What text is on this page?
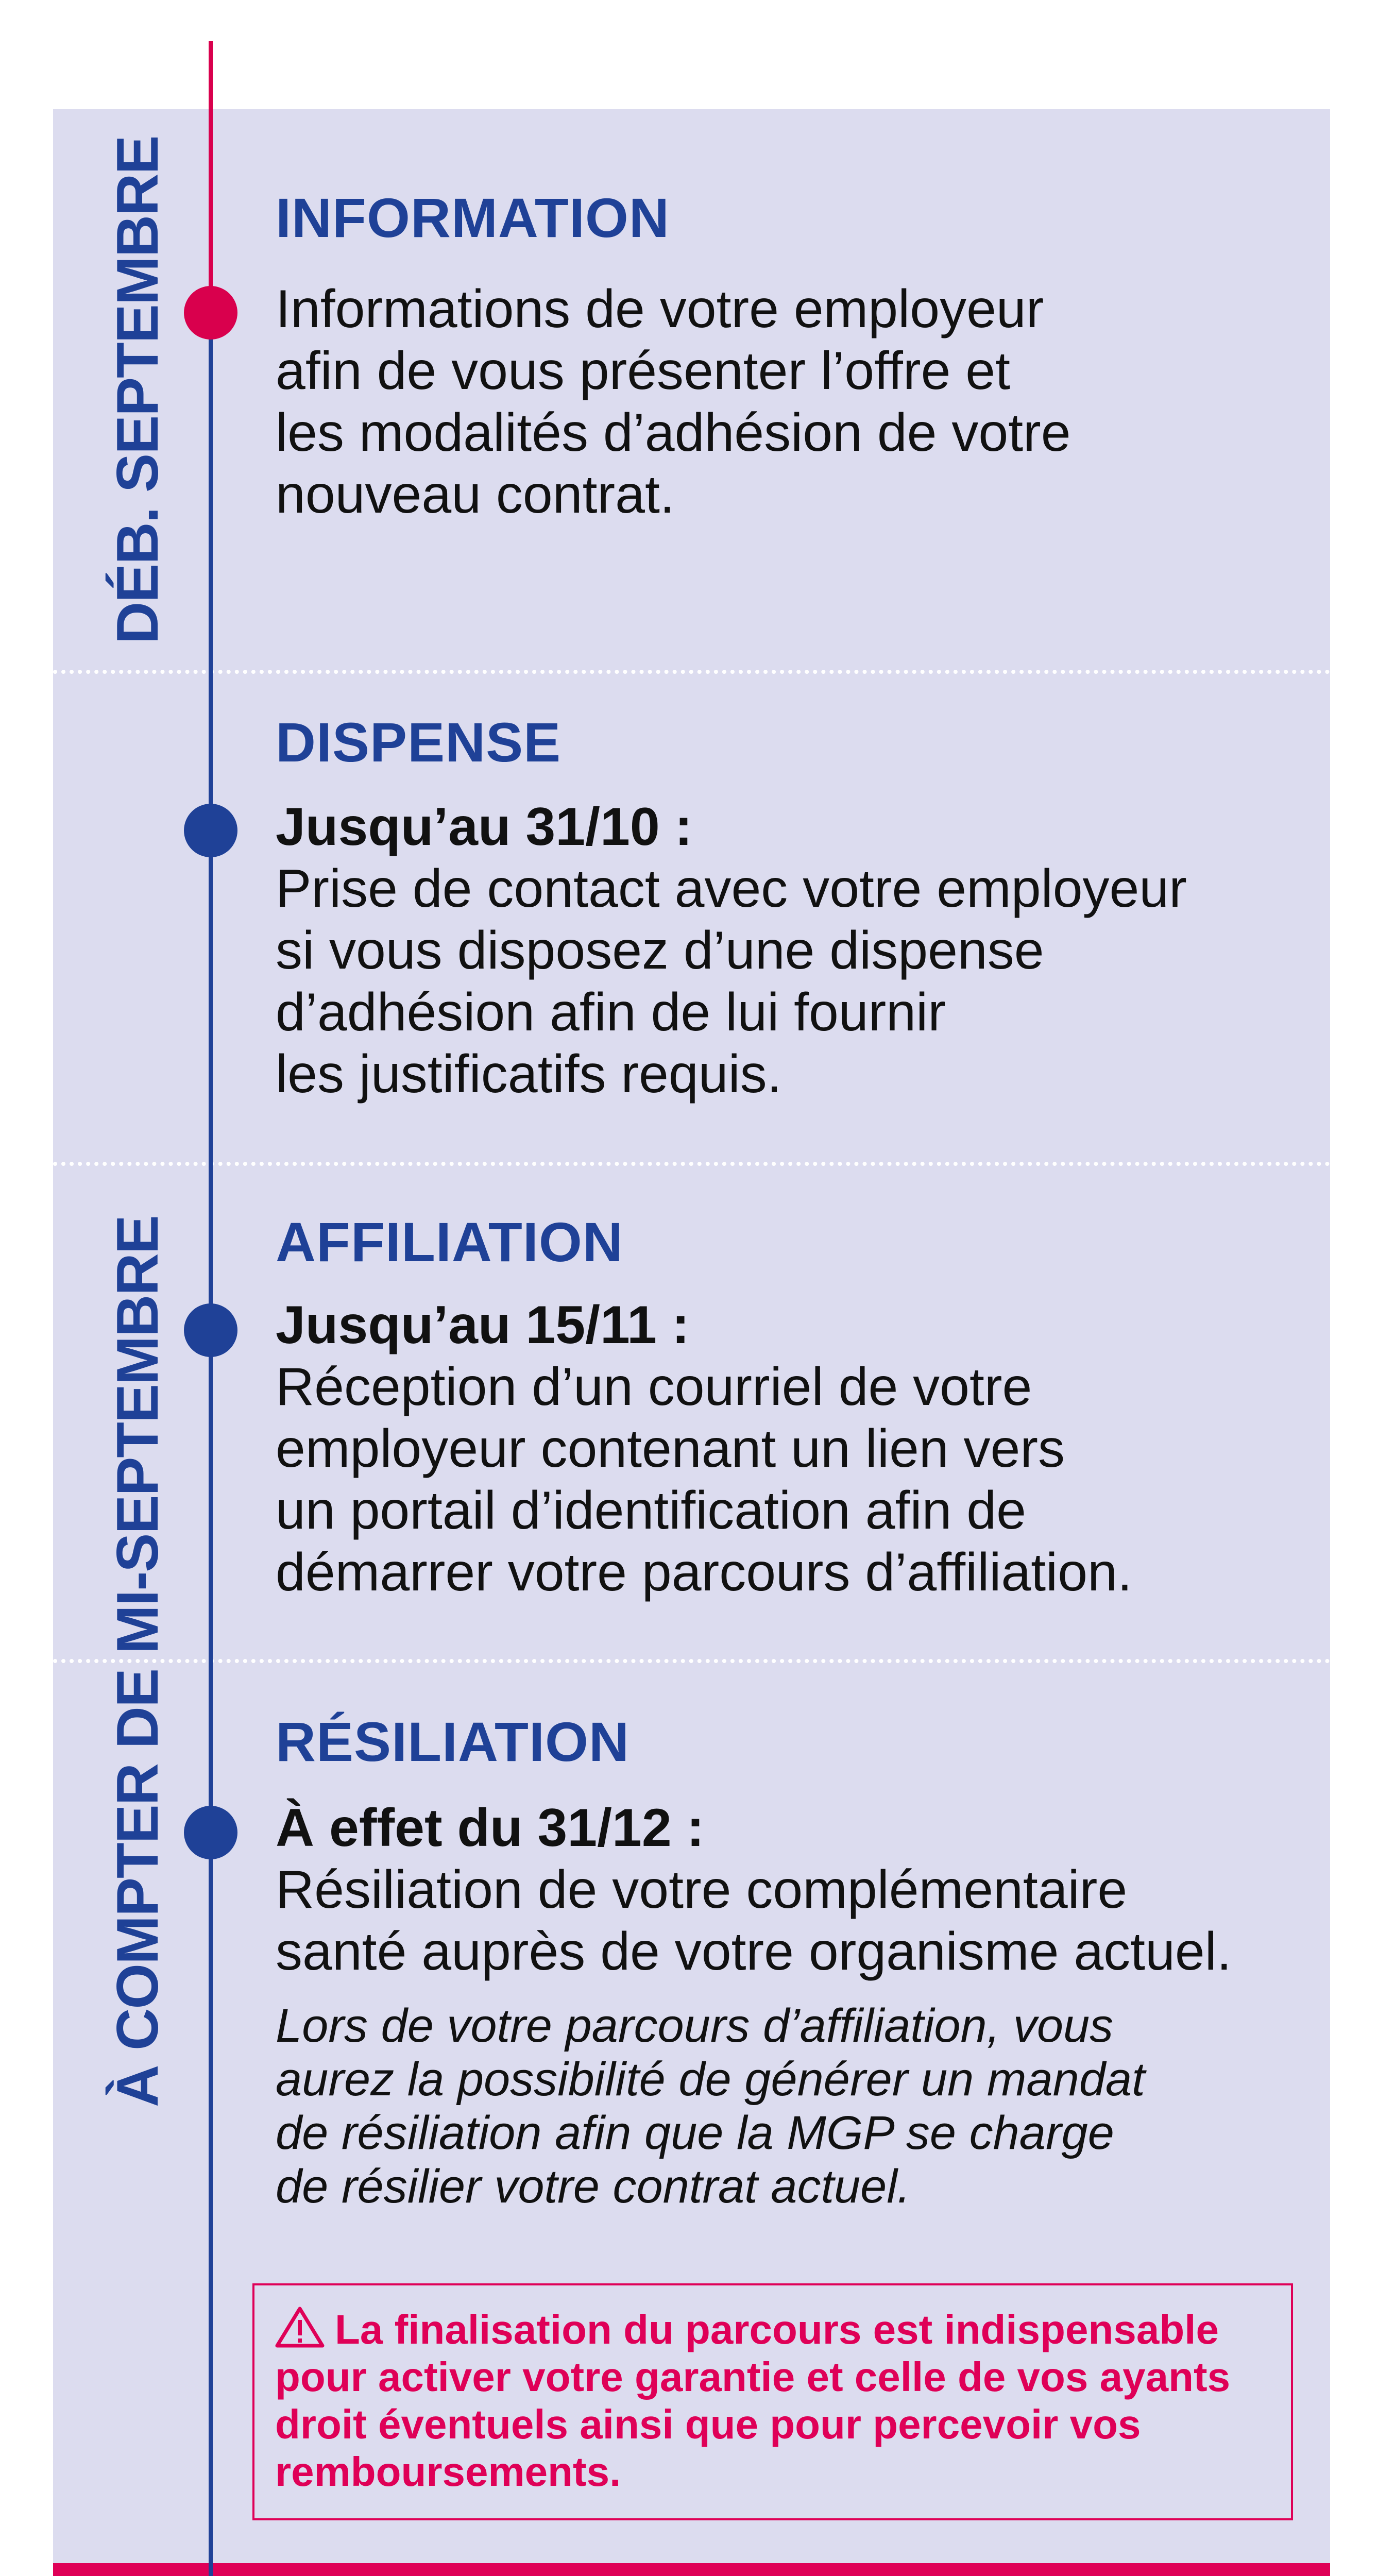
DÉB. SEPTEMBRE
À COMPTER DE MI-SEPTEMBRE
INFORMATION
Informations de votre employeur
afin de vous présenter l’offre et
les modalités d’adhésion de votre
nouveau contrat.
DISPENSE
Jusqu’au 31/10 :
Prise de contact avec votre employeur
si vous disposez d’une dispense
d’adhésion afin de lui fournir
les justificatifs requis.
AFFILIATION
Jusqu’au 15/11 :
Réception d’un courriel de votre
employeur contenant un lien vers
un portail d’identification afin de
démarrer votre parcours d’affiliation.
RÉSILIATION
À effet du 31/12 :
Résiliation de votre complémentaire
santé auprès de votre organisme actuel.
Lors de votre parcours d’affiliation, vous
aurez la possibilité de générer un mandat
de résiliation afin que la MGP se charge
de résilier votre contrat actuel.
La finalisation du parcours est indispensable
pour activer votre garantie et celle de vos ayants
droit éventuels ainsi que pour percevoir vos
remboursements.
